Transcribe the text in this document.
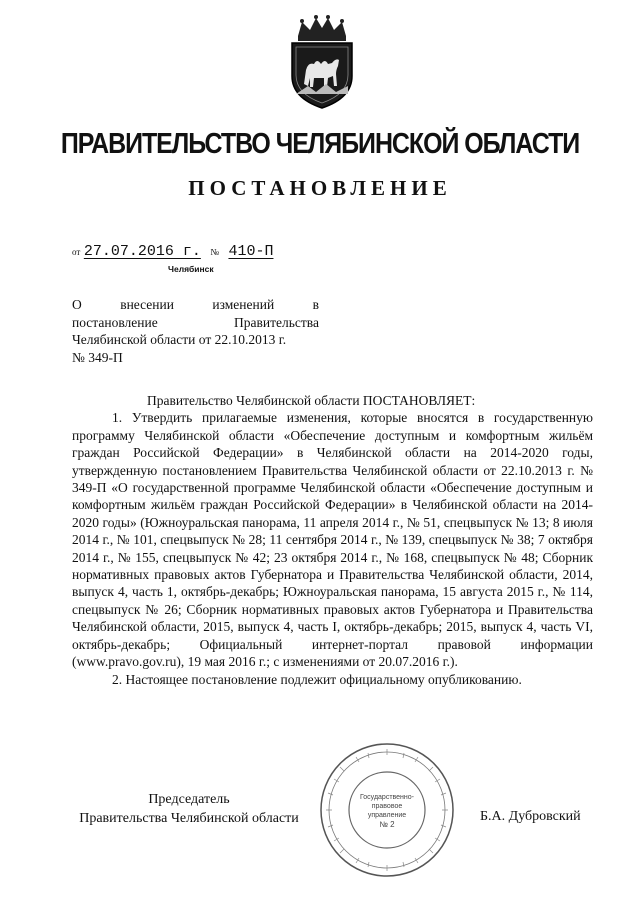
ПРАВИТЕЛЬСТВО ЧЕЛЯБИНСКОЙ ОБЛАСТИ
ПОСТАНОВЛЕНИЕ
от 27.07.2016 г. № 410-П
Челябинск
О внесении изменений в
постановление Правительства
Челябинской области от 22.10.2013 г.
№ 349-П

Правительство Челябинской области ПОСТАНОВЛЯЕТ:

1. Утвердить прилагаемые изменения, которые вносятся в государственную программу Челябинской области «Обеспечение доступным и комфортным жильём граждан Российской Федерации» в Челябинской области на 2014-2020 годы, утвержденную постановлением Правительства Челябинской области от 22.10.2013 г. № 349-П «О государственной программе Челябинской области «Обеспечение доступным и комфортным жильём граждан Российской Федерации» в Челябинской области на 2014-2020 годы» (Южноуральская панорама, 11 апреля 2014 г., № 51, спецвыпуск № 13; 8 июля 2014 г., № 101, спецвыпуск № 28; 11 сентября 2014 г., № 139, спецвыпуск № 38; 7 октября 2014 г., № 155, спецвыпуск № 42; 23 октября 2014 г., № 168, спецвыпуск № 48; Сборник нормативных правовых актов Губернатора и Правительства Челябинской области, 2014, выпуск 4, часть 1, октябрь-декабрь; Южноуральская панорама, 15 августа 2015 г., № 114, спецвыпуск № 26; Сборник нормативных правовых актов Губернатора и Правительства Челябинской области, 2015, выпуск 4, часть I, октябрь-декабрь; 2015, выпуск 4, часть VI, октябрь-декабрь; Официальный интернет-портал правовой информации (www.pravo.gov.ru), 19 мая 2016 г.; с изменениями от 20.07.2016 г.).

2. Настоящее постановление подлежит официальному опубликованию.

Председатель
Правительства Челябинской области
Государственно-
правовое
управление
№ 2
Б.А. Дубровский
